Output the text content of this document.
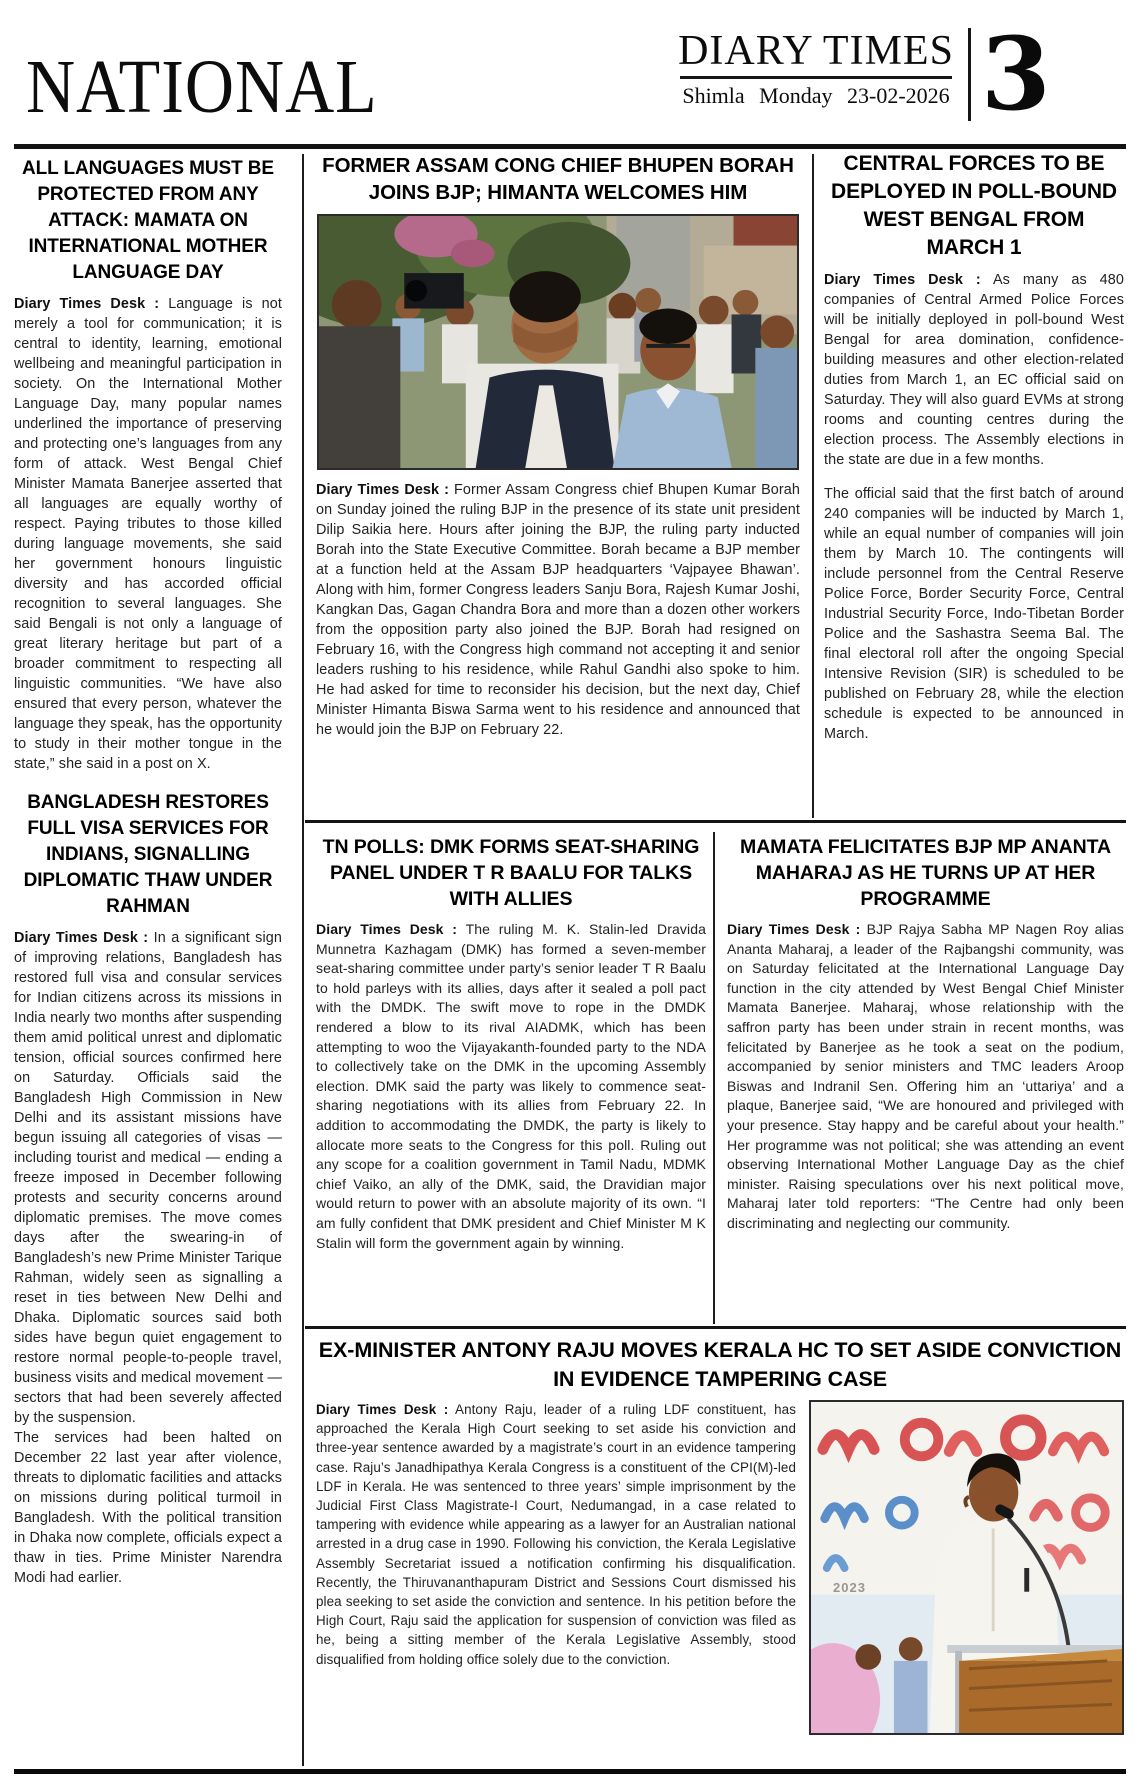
NATIONAL	DIARY TIMES
Shimla Monday 23-02-2026 3
ALL LANGUAGES MUST BE PROTECTED FROM ANY ATTACK: MAMATA ON INTERNATIONAL MOTHER LANGUAGE DAY

Diary Times Desk : Language is not merely a tool for communication; it is central to identity, learning, emotional wellbeing and meaningful participation in society. On the International Mother Language Day, many popular names underlined the importance of preserving and protecting one’s languages from any form of attack. West Bengal Chief Minister Mamata Banerjee asserted that all languages are equally worthy of respect. Paying tributes to those killed during language movements, she said her government honours linguistic diversity and has accorded official recognition to several languages. She said Bengali is not only a language of great literary heritage but part of a broader commitment to respecting all linguistic communities. “We have also ensured that every person, whatever the language they speak, has the opportunity to study in their mother tongue in the state,” she said in a post on X.

BANGLADESH RESTORES FULL VISA SERVICES FOR INDIANS, SIGNALLING DIPLOMATIC THAW UNDER RAHMAN

Diary Times Desk : In a significant sign of improving relations, Bangladesh has restored full visa and consular services for Indian citizens across its missions in India nearly two months after suspending them amid political unrest and diplomatic tension, official sources confirmed here on Saturday. Officials said the Bangladesh High Commission in New Delhi and its assistant missions have begun issuing all categories of visas — including tourist and medical — ending a freeze imposed in December following protests and security concerns around diplomatic premises. The move comes days after the swearing-in of Bangladesh’s new Prime Minister Tarique Rahman, widely seen as signalling a reset in ties between New Delhi and Dhaka. Diplomatic sources said both sides have begun quiet engagement to restore normal people-to-people travel, business visits and medical movement — sectors that had been severely affected by the suspension.

The services had been halted on December 22 last year after violence, threats to diplomatic facilities and attacks on missions during political turmoil in Bangladesh. With the political transition in Dhaka now complete, officials expect a thaw in ties. Prime Minister Narendra Modi had earlier.

FORMER ASSAM CONG CHIEF BHUPEN BORAH JOINS BJP; HIMANTA WELCOMES HIM

Diary Times Desk : Former Assam Congress chief Bhupen Kumar Borah on Sunday joined the ruling BJP in the presence of its state unit president Dilip Saikia here. Hours after joining the BJP, the ruling party inducted Borah into the State Executive Committee. Borah became a BJP member at a function held at the Assam BJP headquarters ‘Vajpayee Bhawan’. Along with him, former Congress leaders Sanju Bora, Rajesh Kumar Joshi, Kangkan Das, Gagan Chandra Bora and more than a dozen other workers from the opposition party also joined the BJP. Borah had resigned on February 16, with the Congress high command not accepting it and senior leaders rushing to his residence, while Rahul Gandhi also spoke to him. He had asked for time to reconsider his decision, but the next day, Chief Minister Himanta Biswa Sarma went to his residence and announced that he would join the BJP on February 22.

CENTRAL FORCES TO BE DEPLOYED IN POLL-BOUND WEST BENGAL FROM MARCH 1

Diary Times Desk : As many as 480 companies of Central Armed Police Forces will be initially deployed in poll-bound West Bengal for area domination, confidence-building measures and other election-related duties from March 1, an EC official said on Saturday. They will also guard EVMs at strong rooms and counting centres during the election process. The Assembly elections in the state are due in a few months.

The official said that the first batch of around 240 companies will be inducted by March 1, while an equal number of companies will join them by March 10. The contingents will include personnel from the Central Reserve Police Force, Border Security Force, Central Industrial Security Force, Indo-Tibetan Border Police and the Sashastra Seema Bal. The final electoral roll after the ongoing Special Intensive Revision (SIR) is scheduled to be published on February 28, while the election schedule is expected to be announced in March.

TN POLLS: DMK FORMS SEAT-SHARING PANEL UNDER T R BAALU FOR TALKS WITH ALLIES

Diary Times Desk : The ruling M. K. Stalin-led Dravida Munnetra Kazhagam (DMK) has formed a seven-member seat-sharing committee under party’s senior leader T R Baalu to hold parleys with its allies, days after it sealed a poll pact with the DMDK. The swift move to rope in the DMDK rendered a blow to its rival AIADMK, which has been attempting to woo the Vijayakanth-founded party to the NDA to collectively take on the DMK in the upcoming Assembly election. DMK said the party was likely to commence seat-sharing negotiations with its allies from February 22. In addition to accommodating the DMDK, the party is likely to allocate more seats to the Congress for this poll. Ruling out any scope for a coalition government in Tamil Nadu, MDMK chief Vaiko, an ally of the DMK, said, the Dravidian major would return to power with an absolute majority of its own. “I am fully confident that DMK president and Chief Minister M K Stalin will form the government again by winning.

MAMATA FELICITATES BJP MP ANANTA MAHARAJ AS HE TURNS UP AT HER PROGRAMME

Diary Times Desk : BJP Rajya Sabha MP Nagen Roy alias Ananta Maharaj, a leader of the Rajbangshi community, was on Saturday felicitated at the International Language Day function in the city attended by West Bengal Chief Minister Mamata Banerjee. Maharaj, whose relationship with the saffron party has been under strain in recent months, was felicitated by Banerjee as he took a seat on the podium, accompanied by senior ministers and TMC leaders Aroop Biswas and Indranil Sen. Offering him an ‘uttariya’ and a plaque, Banerjee said, “We are honoured and privileged with your presence. Stay happy and be careful about your health.” Her programme was not political; she was attending an event observing International Mother Language Day as the chief minister. Raising speculations over his next political move, Maharaj later told reporters: “The Centre had only been discriminating and neglecting our community.

EX-MINISTER ANTONY RAJU MOVES KERALA HC TO SET ASIDE CONVICTION IN EVIDENCE TAMPERING CASE

Diary Times Desk : Antony Raju, leader of a ruling LDF constituent, has approached the Kerala High Court seeking to set aside his conviction and three-year sentence awarded by a magistrate’s court in an evidence tampering case. Raju’s Janadhipathya Kerala Congress is a constituent of the CPI(M)-led LDF in Kerala. He was sentenced to three years’ simple imprisonment by the Judicial First Class Magistrate-I Court, Nedumangad, in a case related to tampering with evidence while appearing as a lawyer for an Australian national arrested in a drug case in 1990. Following his conviction, the Kerala Legislative Assembly Secretariat issued a notification confirming his disqualification. Recently, the Thiruvananthapuram District and Sessions Court dismissed his plea seeking to set aside the conviction and sentence. In his petition before the High Court, Raju said the application for suspension of conviction was filed as he, being a sitting member of the Kerala Legislative Assembly, stood disqualified from holding office solely due to the conviction.

2023
